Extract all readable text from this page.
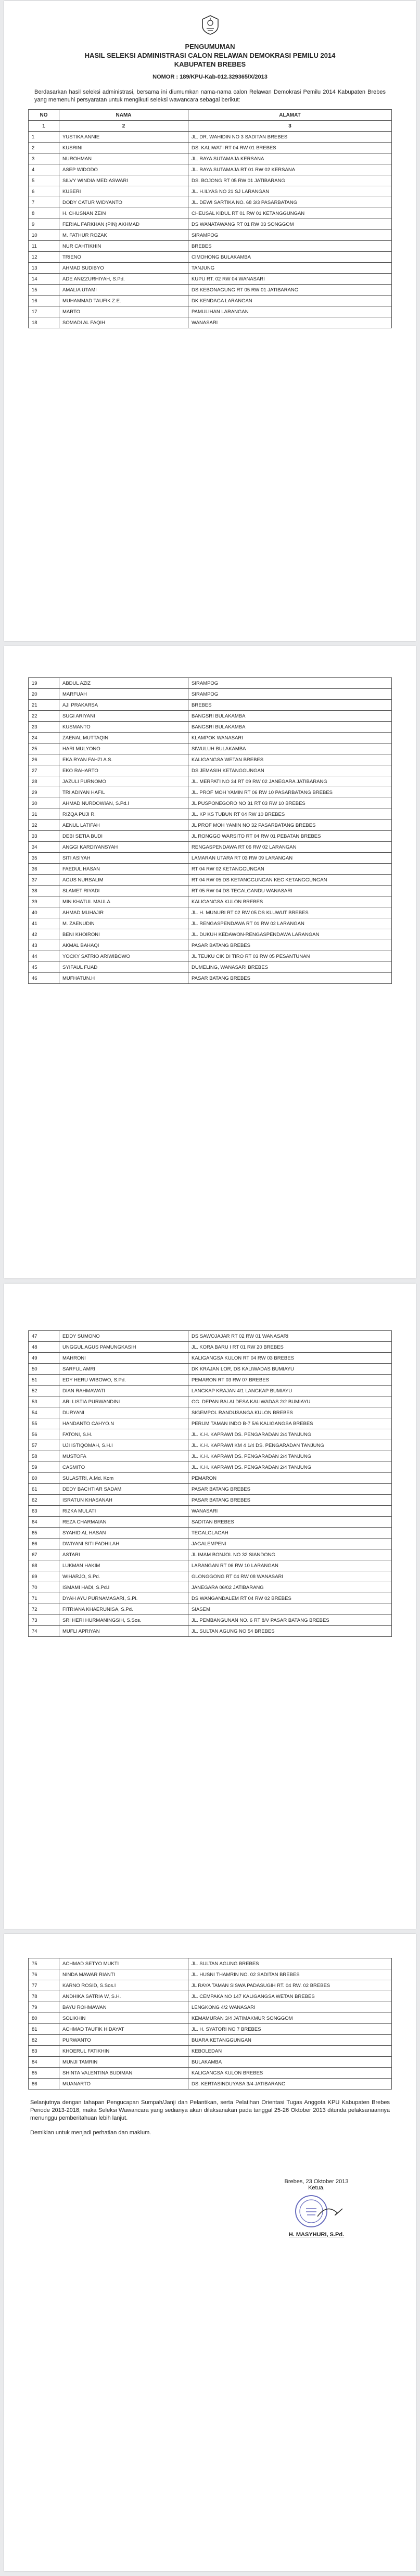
PENGUMUMAN
HASIL SELEKSI ADMINISTRASI CALON RELAWAN DEMOKRASI PEMILU 2014
KABUPATEN BREBES
NOMOR : 189/KPU-Kab-012.329365/X/2013
Berdasarkan hasil seleksi administrasi, bersama ini diumumkan nama-nama calon Relawan Demokrasi Pemilu 2014 Kabupaten Brebes yang memenuhi persyaratan untuk mengikuti seleksi wawancara sebagai berikut:
NO	NAMA	ALAMAT
1	2	3
1	YUSTIKA ANNIE	JL. DR. WAHIDIN NO 3 SADITAN BREBES
2	KUSRINI	DS. KALIWATI RT 04 RW 01 BREBES
3	NUROHMAN	JL. RAYA SUTAMAJA KERSANA
4	ASEP WIDODO	JL. RAYA SUTAMAJA RT 01 RW 02 KERSANA
5	SILVY WINDIA MEDIASWARI	DS. BOJONG RT 05 RW 01 JATIBARANG
6	KUSERI	JL. H.ILYAS NO 21 SJ LARANGAN
7	DODY CATUR WIDYANTO	JL. DEWI SARTIKA NO. 68 3/3 PASARBATANG
8	H. CHUSNAN ZEIN	CHEUSAL KIDUL RT 01 RW 01 KETANGGUNGAN
9	FERIAL FARKHAN (PIN) AKHMAD	DS WANATAWANG RT 01 RW 03 SONGGOM
10	M. FATHUR ROZAK	SIRAMPOG
11	NUR CAHTIKHIN	BREBES
12	TRIENO	CIMOHONG BULAKAMBA
13	AHMAD SUDIBYO	TANJUNG
14	ADE ANIZZURHIYAH, S.Pd.	KUPU RT. 02 RW 04 WANASARI
15	AMALIA UTAMI	DS KEBONAGUNG RT 05 RW 01 JATIBARANG
16	MUHAMMAD TAUFIK Z.E.	DK KENDAGA LARANGAN
17	MARTO	PAMULIHAN LARANGAN
18	SOMADI AL FAQIH	WANASARI
19	ABDUL AZIZ	SIRAMPOG
20	MARFUAH	SIRAMPOG
21	AJI PRAKARSA	BREBES
22	SUGI ARIYANI	BANGSRI BULAKAMBA
23	KUSMANTO	BANGSRI BULAKAMBA
24	ZAENAL MUTTAQIN	KLAMPOK WANASARI
25	HARI MULYONO	SIWULUH BULAKAMBA
26	EKA RYAN FAHZI A.S.	KALIGANGSA WETAN BREBES
27	EKO RAHARTO	DS JEMASIH KETANGGUNGAN
28	JAZULI PURNOMO	JL. MERPATI NO 34 RT 09 RW 02 JANEGARA JATIBARANG
29	TRI ADIYAN HAFIL	JL. PROF MOH YAMIN RT 06 RW 10 PASARBATANG BREBES
30	AHMAD NURDOWIAN, S.Pd.I	JL PUSPONEGORO NO 31 RT 03 RW 10 BREBES
31	RIZQA PUJI R.	JL. KP KS TUBUN RT 04 RW 10 BREBES
32	AENUL LATIFAH	JL PROF MOH YAMIN NO 32 PASARBATANG BREBES
33	DEBI SETIA BUDI	JL RONGGO WARSITO RT 04 RW 01 PEBATAN BREBES
34	ANGGI KARDIYANSYAH	RENGASPENDAWA RT 06 RW 02 LARANGAN
35	SITI ASIYAH	LAMARAN UTARA RT 03 RW 09 LARANGAN
36	FAEDUL HASAN	RT 04 RW 02 KETANGGUNGAN
37	AGUS NURSALIM	RT 04 RW 05 DS KETANGGUNGAN KEC KETANGGUNGAN
38	SLAMET RIYADI	RT 05 RW 04 DS TEGALGANDU WANASARI
39	MIN KHATUL MAULA	KALIGANGSA KULON BREBES
40	AHMAD MUHAJIR	JL. H. MUNURI RT 02 RW 05 DS KLUWUT BREBES
41	M. ZAENUDIN	JL. RENGASPENDAWA RT 01 RW 02 LARANGAN
42	BENI KHOIRONI	JL. DUKUH KEDAWON-RENGASPENDAWA LARANGAN
43	AKMAL BAHAQI	PASAR BATANG BREBES
44	YOCKY SATRIO ARIWIBOWO	JL TEUKU CIK DI TIRO RT 03 RW 05 PESANTUNAN
45	SYIFAUL FUAD	DUMELING, WANASARI BREBES
46	MUFHATUN.H	PASAR BATANG BREBES
47	EDDY SUMONO	DS SAWOJAJAR RT 02 RW 01 WANASARI
48	UNGGUL AGUS PAMUNGKASIH	JL. KORA BARU I RT 01 RW 20 BREBES
49	MAHRONI	KALIGANGSA KULON RT 04 RW 03 BREBES
50	SARFUL AMRI	DK KRAJAN LOR, DS KALIWADAS BUMIAYU
51	EDY HERU WIBOWO, S.Pd.	PEMARON RT 03 RW 07 BREBES
52	DIAN RAHMAWATI	LANGKAP KRAJAN 4/1 LANGKAP BUMIAYU
53	ARI LISTIA PURWANDINI	GG. DEPAN BALAI DESA KALIWADAS 2/2 BUMIAYU
54	DURYANI	SIGEMPOL RANDUSANGA KULON BREBES
55	HANDANTO CAHYO.N	PERUM TAMAN INDO B-7 5/6 KALIGANGSA BREBES
56	FATONI, S.H.	JL. K.H. KAPRAWI DS. PENGARADAN 2/4 TANJUNG
57	UJI ISTIQOMAH, S.H.I	JL. K.H. KAPRAWI KM 4 1/4 DS. PENGARADAN TANJUNG
58	MUSTOFA	JL. K.H. KAPRAWI DS. PENGARADAN 2/4 TANJUNG
59	CASMITO	JL. K.H. KAPRAWI DS. PENGARADAN 2/4 TANJUNG
60	SULASTRI, A.Md. Kom	PEMARON
61	DEDY BACHTIAR SADAM	PASAR BATANG BREBES
62	ISRATUN KHASANAH	PASAR BATANG BREBES
63	RIZKA MULATI	WANASARI
64	REZA CHARMAIAN	SADITAN BREBES
65	SYAHID AL HASAN	TEGALGLAGAH
66	DWIYANI SITI FADHILAH	JAGALEMPENI
67	ASTARI	JL IMAM BONJOL NO 32 SIANDONG
68	LUKMAN HAKIM	LARANGAN RT 06 RW 10 LARANGAN
69	WIHARJO, S.Pd.	GLONGGONG RT 04 RW 08 WANASARI
70	ISMAMI HADI, S.Pd.I	JANEGARA 06/02 JATIBARANG
71	DYAH AYU PURNAMASARI, S.Pi.	DS WANGANDALEM RT 04 RW 02 BREBES
72	FITRIANA KHAERUNISA, S.Pd.	SIASEM
73	SRI HERI HURMANINGSIH, S.Sos.	JL. PEMBANGUNAN NO. 6 RT 8/V PASAR BATANG BREBES
74	MUFLI APRIYAN	JL. SULTAN AGUNG NO 54 BREBES
75	ACHMAD SETYO MUKTI	JL. SULTAN AGUNG BREBES
76	NINDA MAWAR RIANTI	JL. HUSNI THAMRIN NO. 02 SADITAN BREBES
77	KARNO ROSID, S.Sos.I	JL RAYA TAMAN SISWA PADASUGIH RT. 04 RW. 02 BREBES
78	ANDHIKA SATRIA W, S.H.	JL. CEMPAKA NO 147 KALIGANGSA WETAN BREBES
79	BAYU ROHMAWAN	LENGKONG 4/2 WANASARI
80	SOLIKHIN	KEMAMURAN 3/4 JATIMAKMUR SONGGOM
81	ACHMAD TAUFIK HIDAYAT	JL. H. SYATORI NO 7 BREBES
82	PURWANTO	BUARA KETANGGUNGAN
83	KHOERUL FATIKHIN	KEBOLEDAN
84	MUNJI TAMRIN	BULAKAMBA
85	SHINTA VALENTINA BUDIMAN	KALIGANGSA KULON BREBES
86	MUANARTO	DS. KERTASINDUYASA 3/4 JATIBARANG
Selanjutnya dengan tahapan Pengucapan Sumpah/Janji dan Pelantikan, serta Pelatihan Orientasi Tugas Anggota KPU Kabupaten Brebes Periode 2013-2018, maka Seleksi Wawancara yang sedianya akan dilaksanakan pada tanggal 25-26 Oktober 2013 ditunda pelaksanaannya menunggu pemberitahuan lebih lanjut.
Demikian untuk menjadi perhatian dan maklum.
Brebes, 23 Oktober 2013
Ketua,
H. MASYHURI, S.Pd.
